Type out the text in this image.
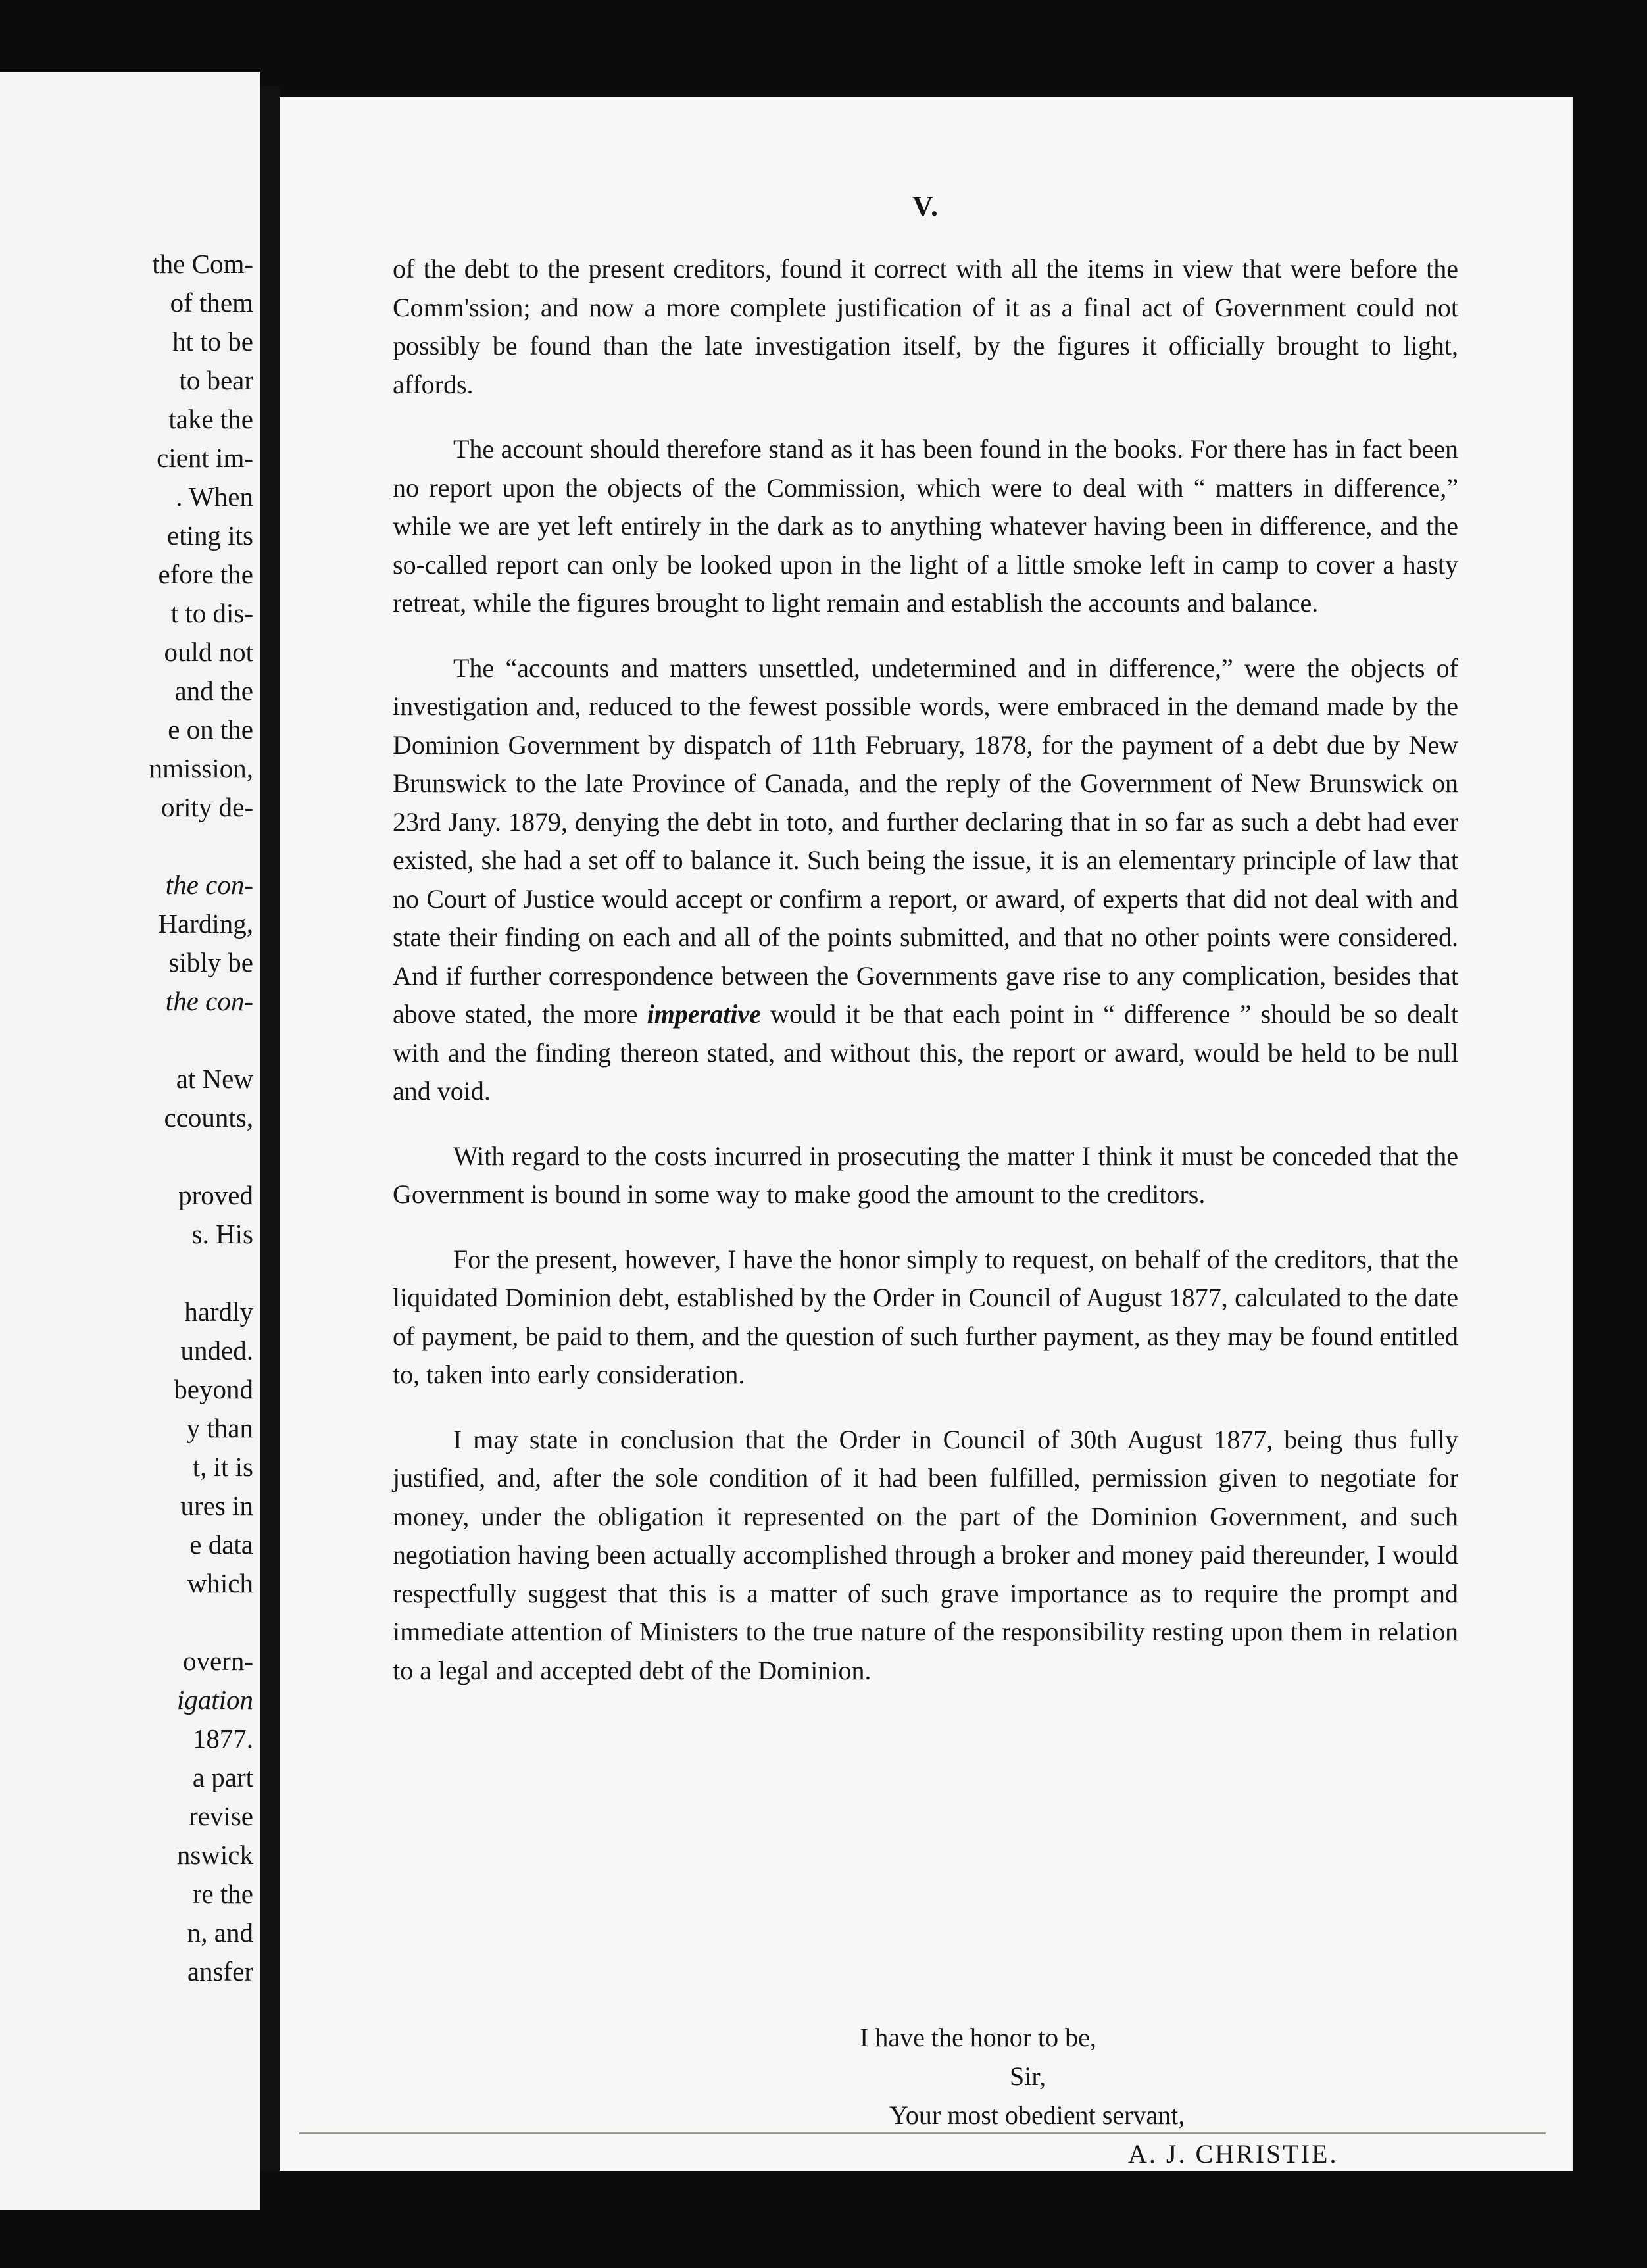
the Com-
of them
ht to be
to bear
take the
cient im-
. When
eting its
efore the
t to dis-
ould not
and the
e on the
nmission,
ority de-
the con-
Harding,
sibly be
the con-
at New
ccounts,
proved
s. His
hardly
unded.
beyond
y than
t, it is
ures in
e data
which
overn-
igation
1877.
a part
revise
nswick
re the
n, and
ansfer
V.

of the debt to the present creditors, found it correct with all the items in view that were before the Comm'ssion; and now a more complete justification of it as a final act of Government could not possibly be found than the late investigation itself, by the figures it officially brought to light, affords.

The account should therefore stand as it has been found in the books. For there has in fact been no report upon the objects of the Commission, which were to deal with “ matters in difference,” while we are yet left entirely in the dark as to anything whatever having been in difference, and the so-called report can only be looked upon in the light of a little smoke left in camp to cover a hasty retreat, while the figures brought to light remain and establish the accounts and balance.

The “accounts and matters unsettled, undetermined and in difference,” were the objects of investigation and, reduced to the fewest possible words, were embraced in the demand made by the Dominion Government by dispatch of 11th February, 1878, for the payment of a debt due by New Brunswick to the late Province of Canada, and the reply of the Government of New Brunswick on 23rd Jany. 1879, denying the debt in toto, and further declaring that in so far as such a debt had ever existed, she had a set off to balance it. Such being the issue, it is an elementary principle of law that no Court of Justice would accept or confirm a report, or award, of experts that did not deal with and state their finding on each and all of the points submitted, and that no other points were considered. And if further correspondence between the Governments gave rise to any complication, besides that above stated, the more imperative would it be that each point in “ difference ” should be so dealt with and the finding thereon stated, and without this, the report or award, would be held to be null and void.

With regard to the costs incurred in prosecuting the matter I think it must be conceded that the Government is bound in some way to make good the amount to the creditors.

For the present, however, I have the honor simply to request, on behalf of the creditors, that the liquidated Dominion debt, established by the Order in Council of August 1877, calculated to the date of payment, be paid to them, and the question of such further payment, as they may be found entitled to, taken into early consideration.

I may state in conclusion that the Order in Council of 30th August 1877, being thus fully justified, and, after the sole condition of it had been fulfilled, permission given to negotiate for money, under the obligation it represented on the part of the Dominion Government, and such negotiation having been actually accomplished through a broker and money paid thereunder, I would respectfully suggest that this is a matter of such grave importance as to require the prompt and immediate attention of Ministers to the true nature of the responsibility resting upon them in relation to a legal and accepted debt of the Dominion.

I have the honor to be,
Sir,
Your most obedient servant,
A. J. CHRISTIE.
